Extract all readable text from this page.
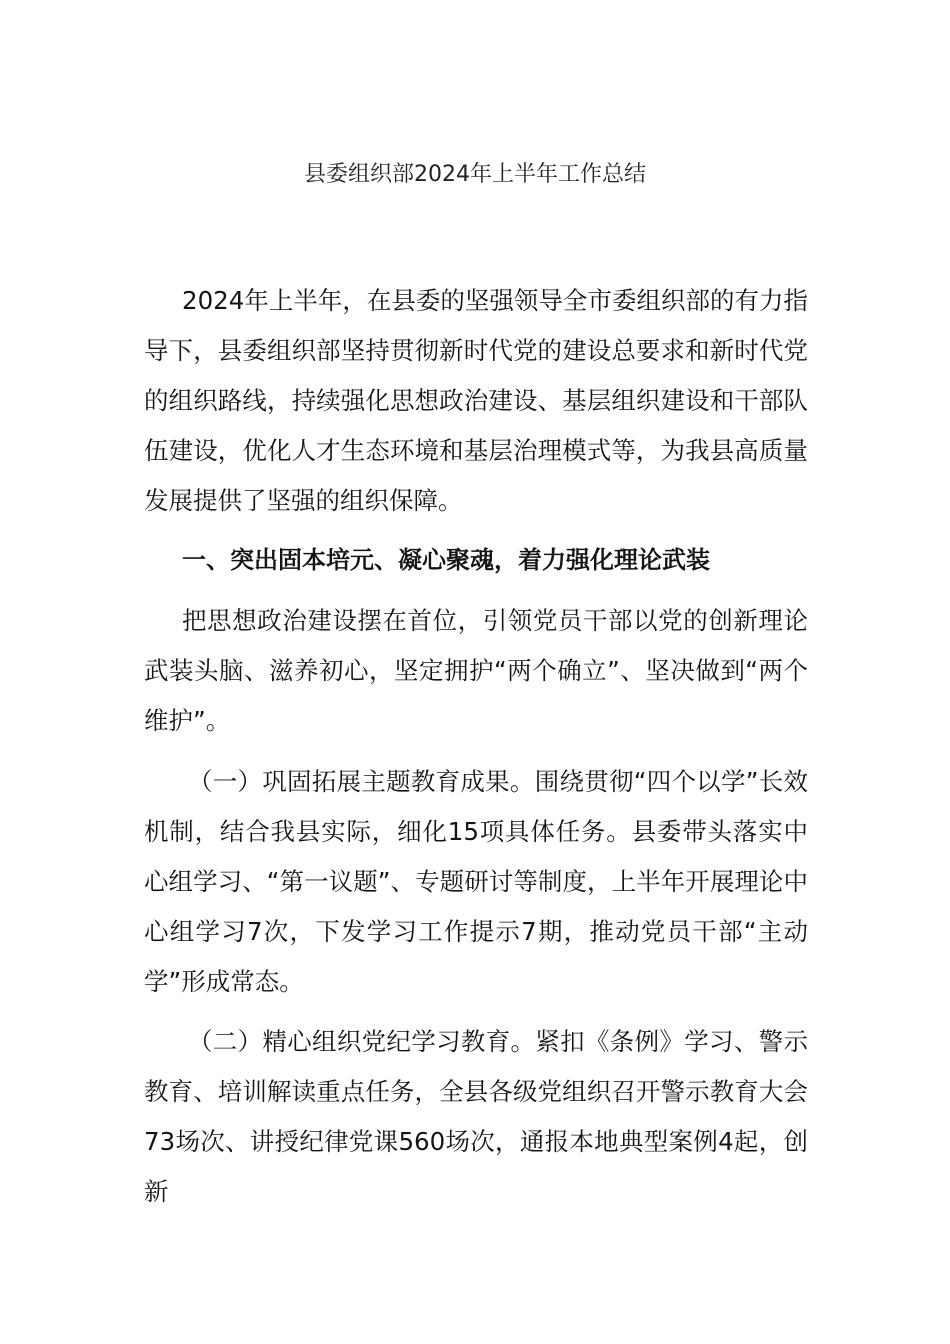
县委组织部2024年上半年工作总结

2024年上半年，在县委的坚强领导全市委组织部的有力指导下，县委组织部坚持贯彻新时代党的建设总要求和新时代党的组织路线，持续强化思想政治建设、基层组织建设和干部队伍建设，优化人才生态环境和基层治理模式等，为我县高质量发展提供了坚强的组织保障。

一、突出固本培元、凝心聚魂，着力强化理论武装

把思想政治建设摆在首位，引领党员干部以党的创新理论武装头脑、滋养初心，坚定拥护“两个确立”、坚决做到“两个维护”。

（一）巩固拓展主题教育成果。围绕贯彻“四个以学”长效机制，结合我县实际，细化15项具体任务。县委带头落实中心组学习、“第一议题”、专题研讨等制度，上半年开展理论中心组学习7次，下发学习工作提示7期，推动党员干部“主动学”形成常态。

（二）精心组织党纪学习教育。紧扣《条例》学习、警示教育、培训解读重点任务，全县各级党组织召开警示教育大会73场次、讲授纪律党课560场次，通报本地典型案例4起，创新
